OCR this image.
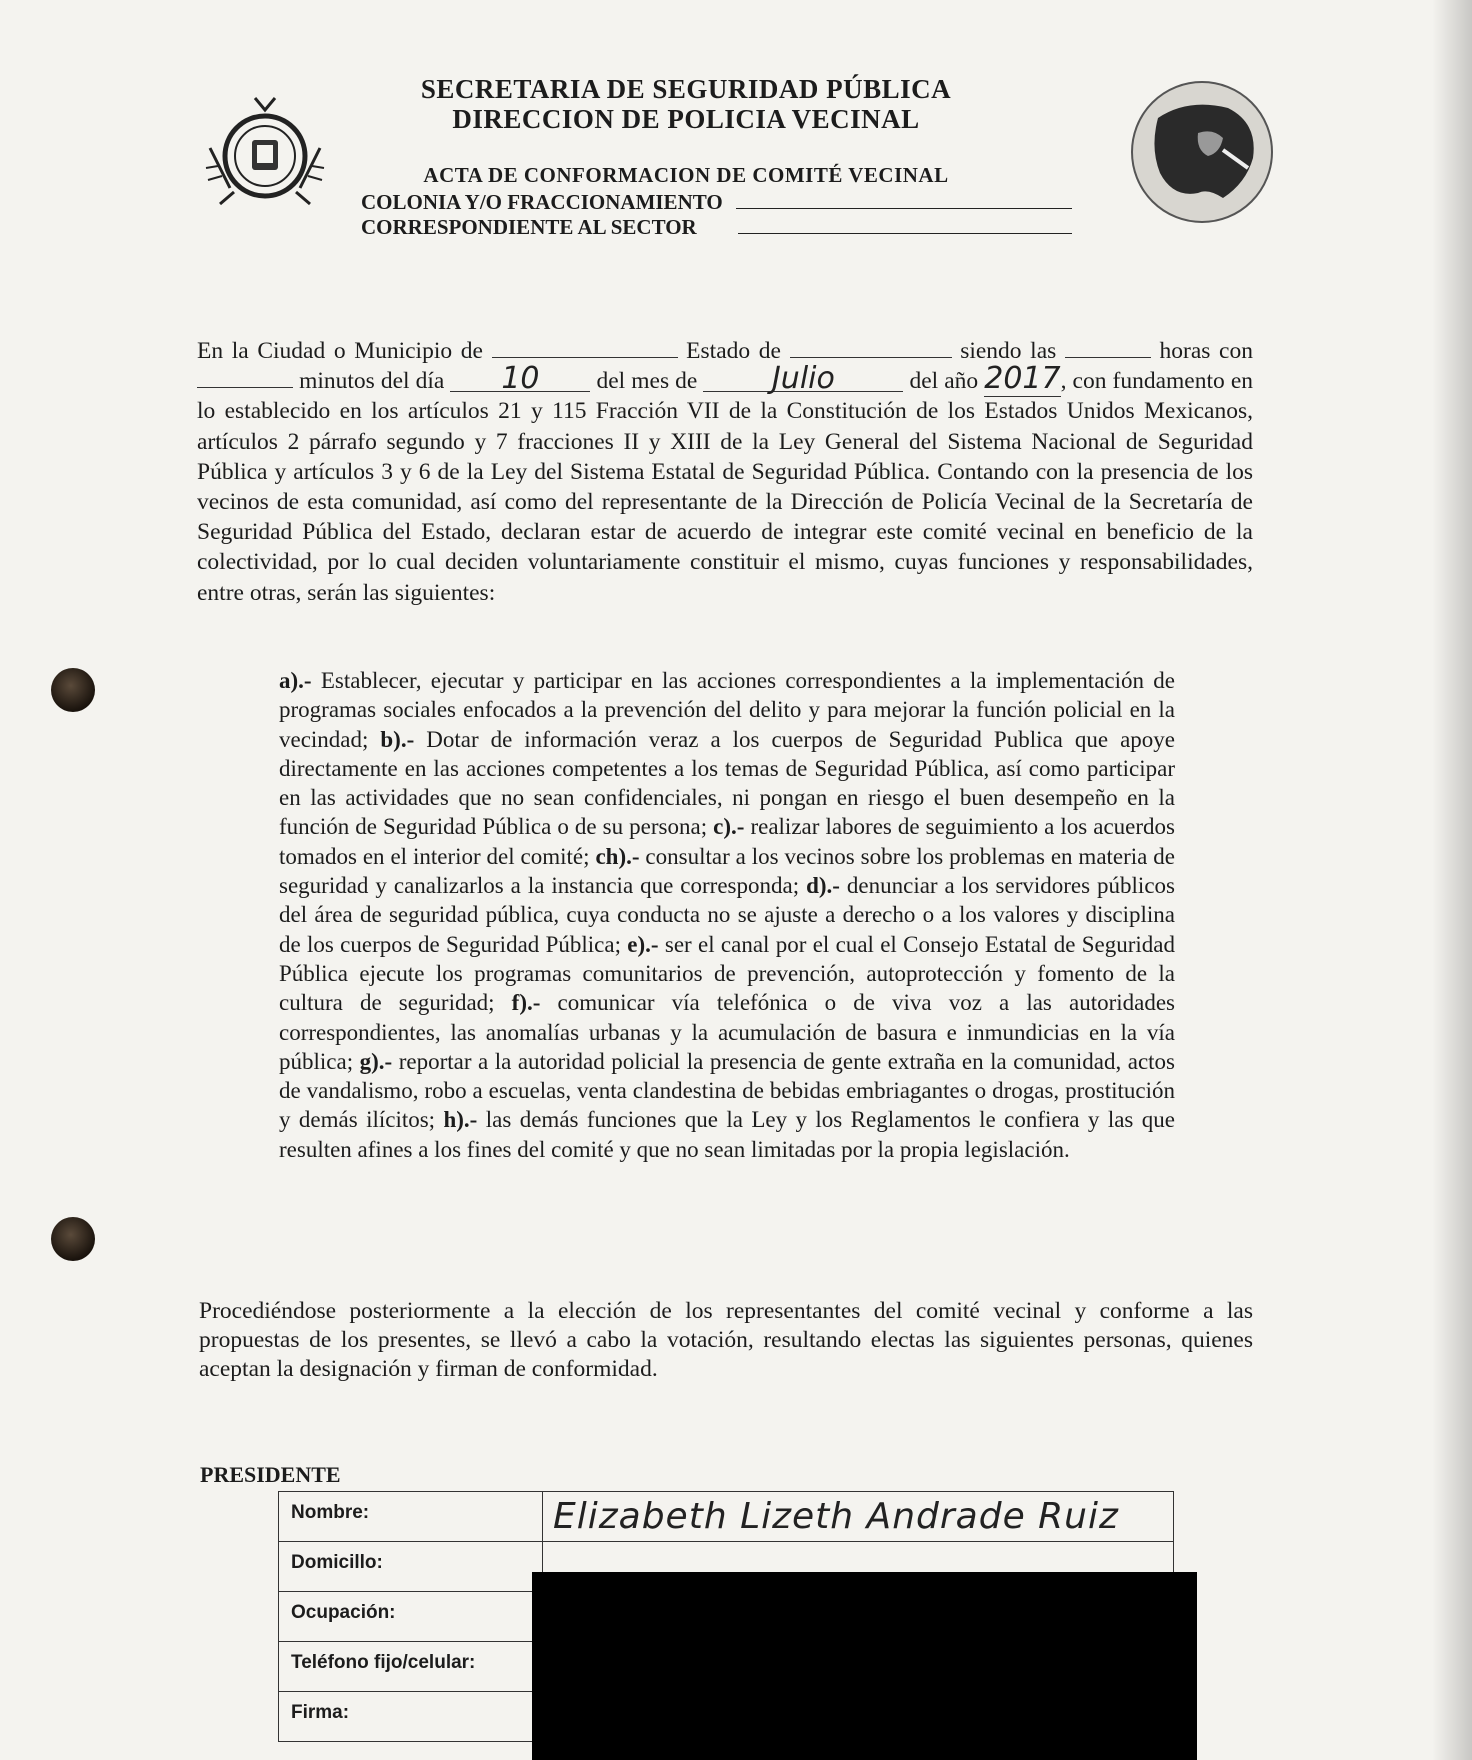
SECRETARIA DE SEGURIDAD PÚBLICA
DIRECCION DE POLICIA VECINAL
ACTA DE CONFORMACION DE COMITÉ VECINAL
COLONIA Y/O FRACCIONAMIENTO
CORRESPONDIENTE AL SECTOR
En la Ciudad o Municipio de	Estado de	siendo las	horas con  minutos del día 10 del mes de Julio	del año 2017, con fundamento en lo establecido en los artículos 21 y 115 Fracción VII de la Constitución de los Estados Unidos Mexicanos, artículos 2 párrafo segundo y 7 fracciones II y XIII de la Ley General del Sistema Nacional de Seguridad Pública y artículos 3 y 6 de la Ley del Sistema Estatal de Seguridad Pública. Contando con la presencia de los vecinos de esta comunidad, así como del representante de la Dirección de Policía Vecinal de la Secretaría de Seguridad Pública del Estado, declaran estar de acuerdo de integrar este comité vecinal en beneficio de la colectividad, por lo cual deciden voluntariamente constituir el mismo, cuyas funciones y responsabilidades, entre otras, serán las siguientes:
a).- Establecer, ejecutar y participar en las acciones correspondientes a la implementación de programas sociales enfocados a la prevención del delito y para mejorar la función policial en la vecindad; b).- Dotar de información veraz a los cuerpos de Seguridad Publica que apoye directamente en las acciones competentes a los temas de Seguridad Pública, así como participar en las actividades que no sean confidenciales, ni pongan en riesgo el buen desempeño en la función de Seguridad Pública o de su persona; c).- realizar labores de seguimiento a los acuerdos tomados en el interior del comité; ch).- consultar a los vecinos sobre los problemas en materia de seguridad y canalizarlos a la instancia que corresponda; d).- denunciar a los servidores públicos del área de seguridad pública, cuya conducta no se ajuste a derecho o a los valores y disciplina de los cuerpos de Seguridad Pública; e).- ser el canal por el cual el Consejo Estatal de Seguridad Pública ejecute los programas comunitarios de prevención, autoprotección y fomento de la cultura de seguridad; f).- comunicar vía telefónica o de viva voz a las autoridades correspondientes, las anomalías urbanas y la acumulación de basura e inmundicias en la vía pública; g).- reportar a la autoridad policial la presencia de gente extraña en la comunidad, actos de vandalismo, robo a escuelas, venta clandestina de bebidas embriagantes o drogas, prostitución y demás ilícitos; h).- las demás funciones que la Ley y los Reglamentos le confiera y las que resulten afines a los fines del comité y que no sean limitadas por la propia legislación.
Procediéndose posteriormente a la elección de los representantes del comité vecinal y conforme a las propuestas de los presentes, se llevó a cabo la votación, resultando electas las siguientes personas, quienes aceptan la designación y firman de conformidad.
PRESIDENTE
Nombre:	Elizabeth Lizeth Andrade Ruiz

Domicillo:	
Ocupación:	
Teléfono fijo/celular:	
Firma:	
